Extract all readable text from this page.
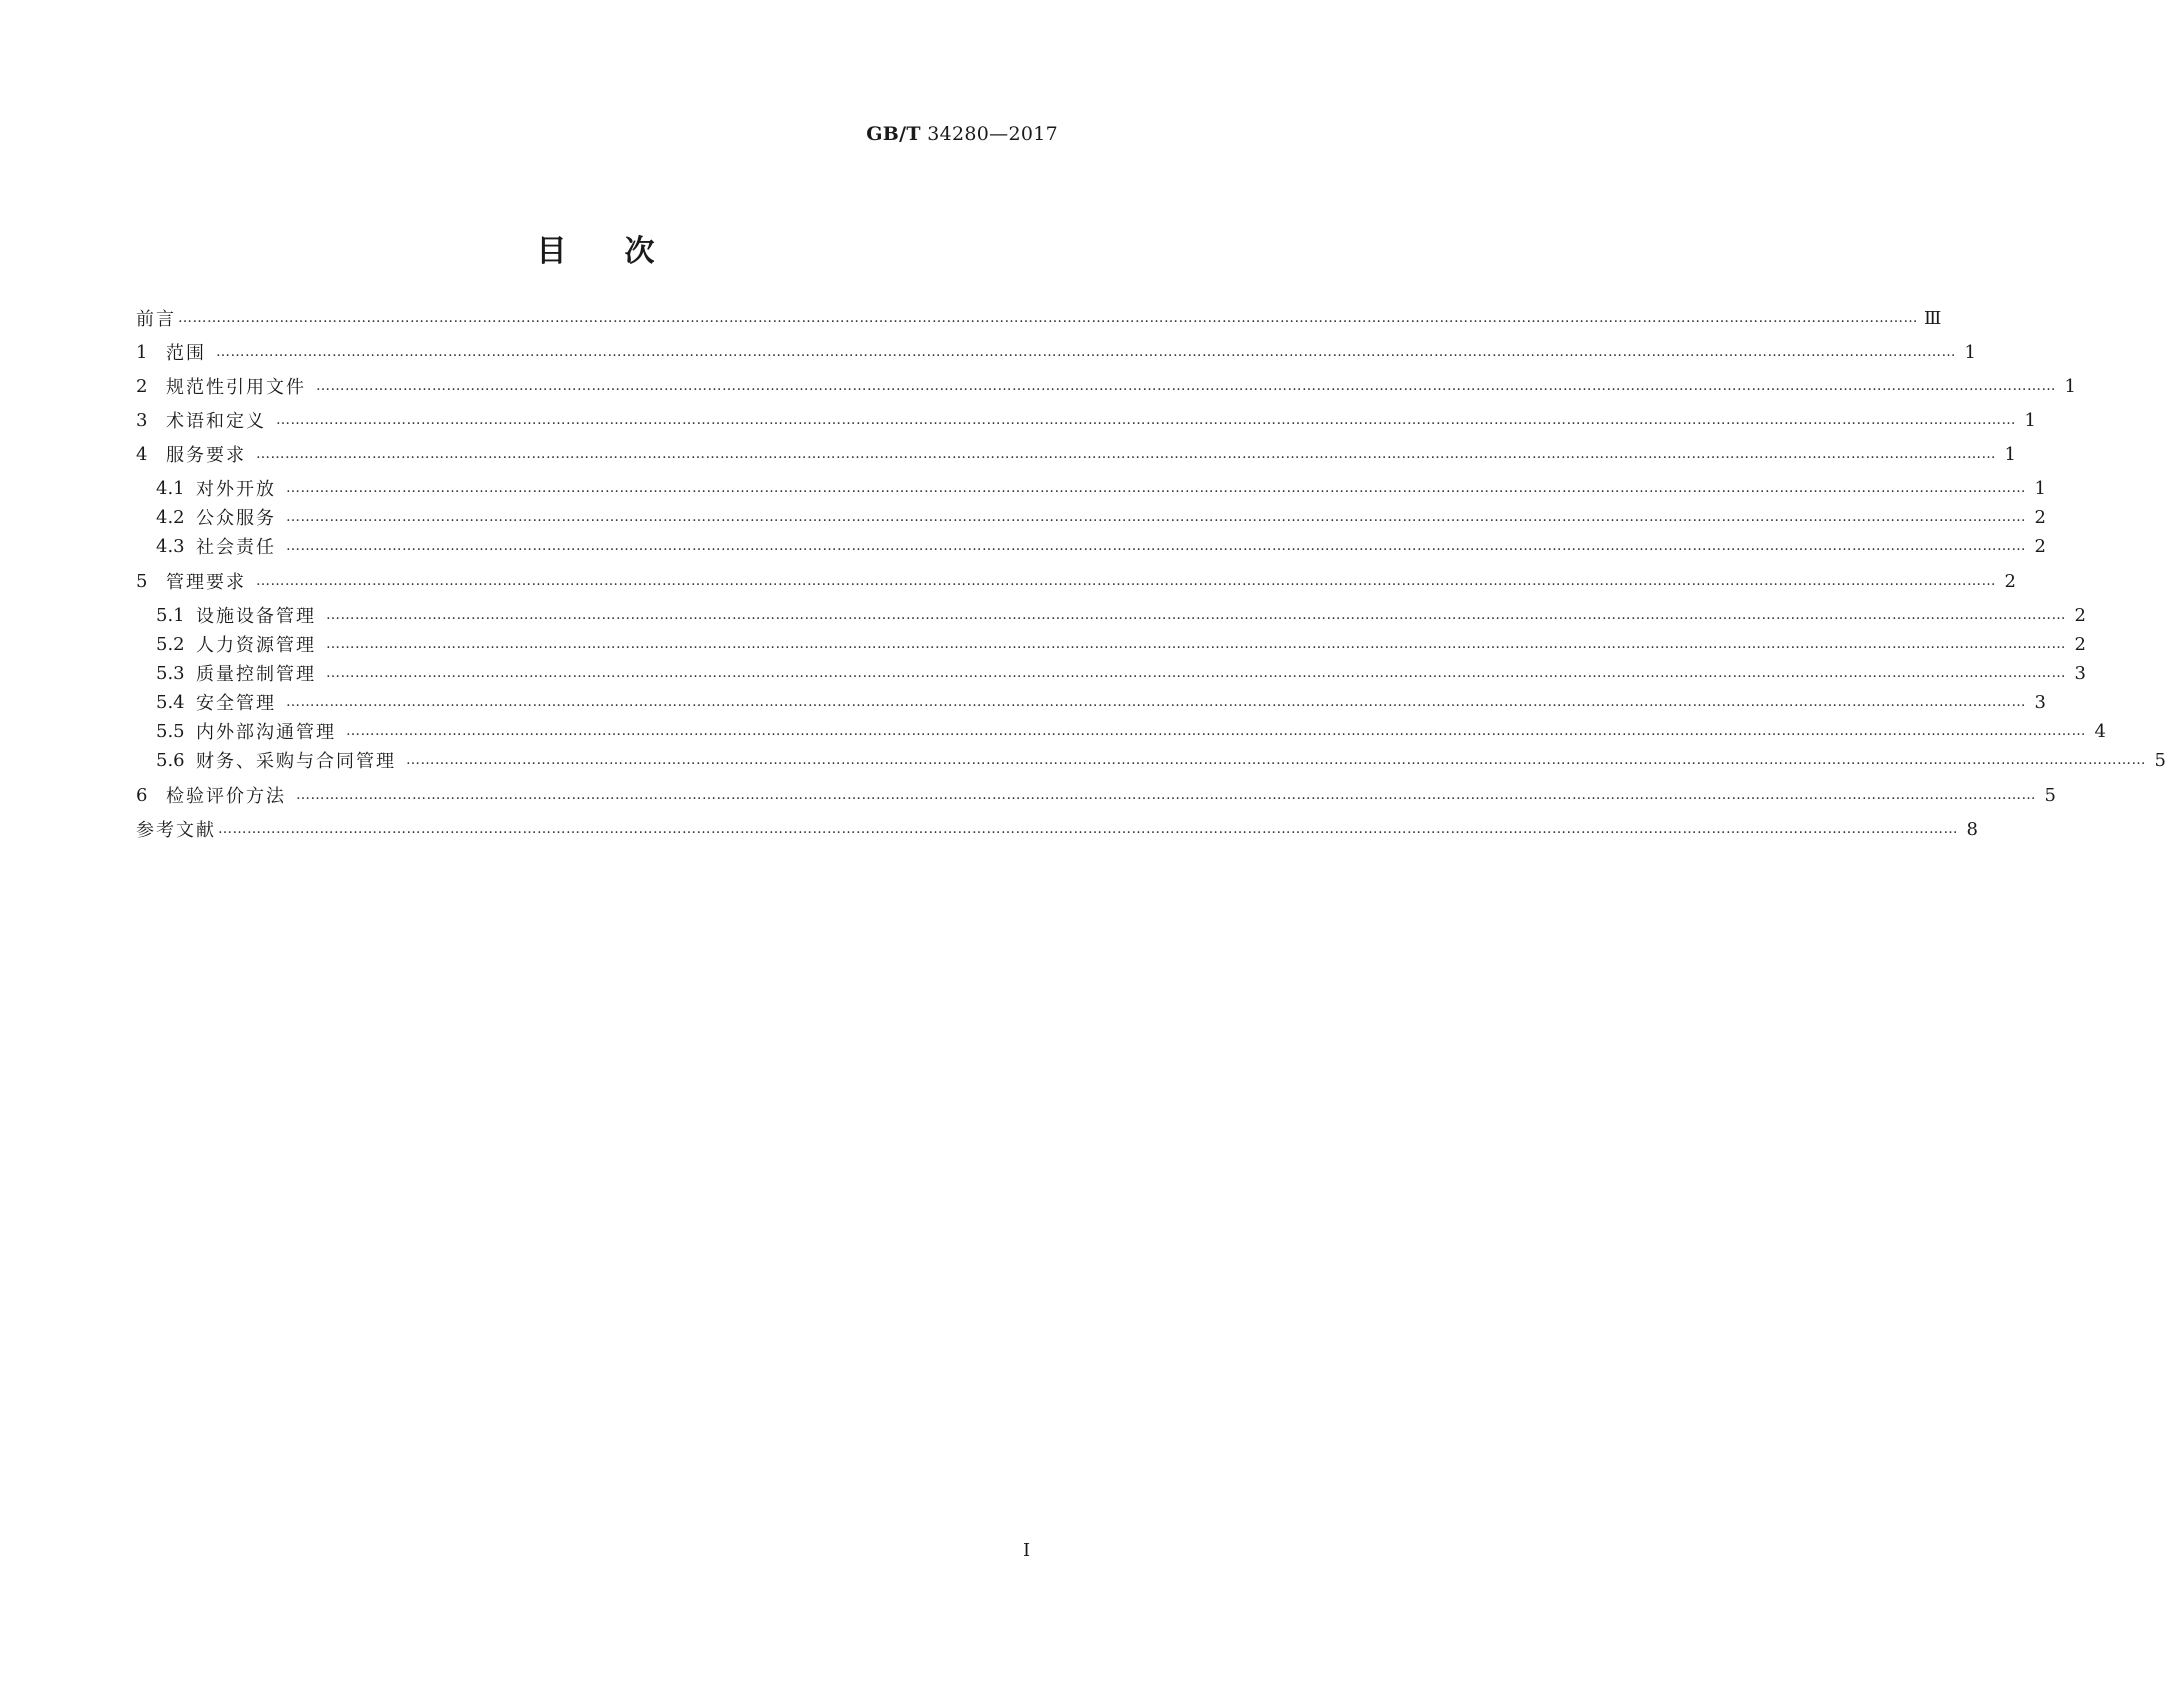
GB/T 34280—2017
目次
前言 ……………………………………………………………………………………………………………………………………………………………………………………………………………………………………………………………………………………………………………………………… Ⅲ
1	范围 ……………………………………………………………………………………………………………………………………………………………………………………………………………………………………………………………………………………………………………………………… 1
2	规范性引用文件 ……………………………………………………………………………………………………………………………………………………………………………………………………………………………………………………………………………………………………………………………… 1
3	术语和定义 ……………………………………………………………………………………………………………………………………………………………………………………………………………………………………………………………………………………………………………………………… 1
4	服务要求 ……………………………………………………………………………………………………………………………………………………………………………………………………………………………………………………………………………………………………………………………… 1
4.1 对外开放 ……………………………………………………………………………………………………………………………………………………………………………………………………………………………………………………………………………………………………………………………… 1
4.2 公众服务 ……………………………………………………………………………………………………………………………………………………………………………………………………………………………………………………………………………………………………………………………… 2
4.3 社会责任 ……………………………………………………………………………………………………………………………………………………………………………………………………………………………………………………………………………………………………………………………… 2
5	管理要求 ……………………………………………………………………………………………………………………………………………………………………………………………………………………………………………………………………………………………………………………………… 2
5.1 设施设备管理 ……………………………………………………………………………………………………………………………………………………………………………………………………………………………………………………………………………………………………………………………… 2
5.2 人力资源管理 ……………………………………………………………………………………………………………………………………………………………………………………………………………………………………………………………………………………………………………………………… 2
5.3 质量控制管理 ……………………………………………………………………………………………………………………………………………………………………………………………………………………………………………………………………………………………………………………………… 3
5.4 安全管理 ……………………………………………………………………………………………………………………………………………………………………………………………………………………………………………………………………………………………………………………………… 3
5.5 内外部沟通管理 ……………………………………………………………………………………………………………………………………………………………………………………………………………………………………………………………………………………………………………………………… 4
5.6 财务、采购与合同管理 ……………………………………………………………………………………………………………………………………………………………………………………………………………………………………………………………………………………………………………………………… 5
6	检验评价方法 ……………………………………………………………………………………………………………………………………………………………………………………………………………………………………………………………………………………………………………………………… 5
参考文献 ……………………………………………………………………………………………………………………………………………………………………………………………………………………………………………………………………………………………………………………………… 8
I
